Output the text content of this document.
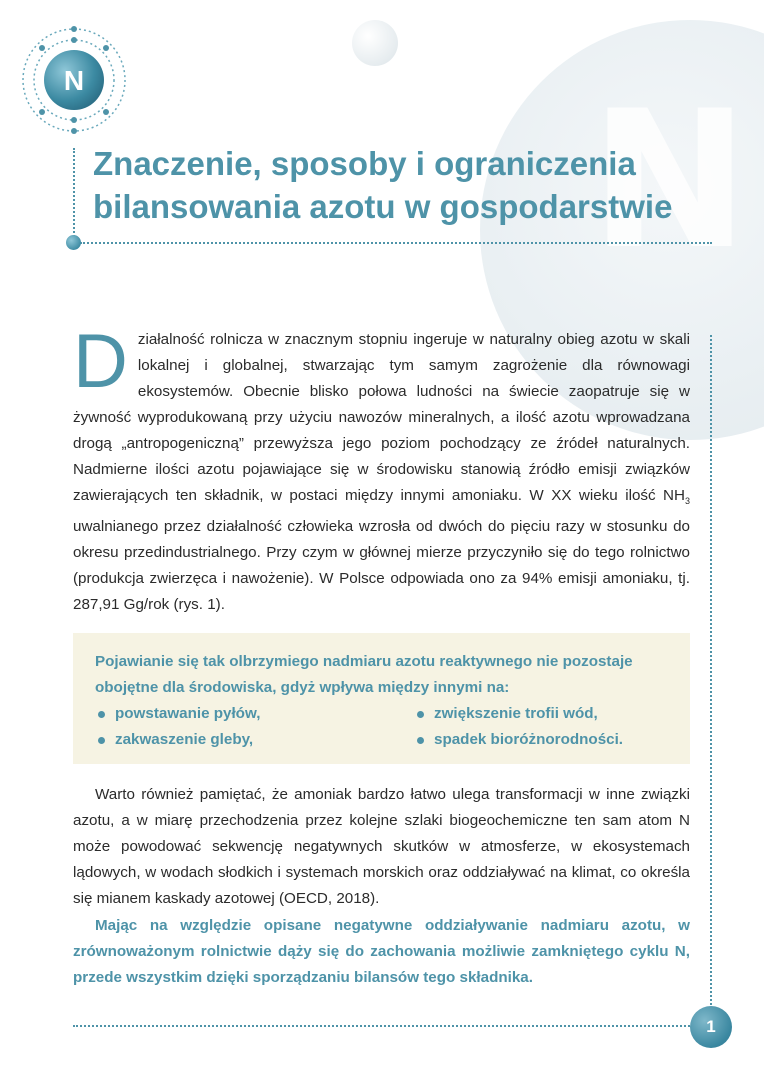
N
N
Znaczenie, sposoby i ograniczenia
bilansowania azotu w gospodarstwie
Działalność rolnicza w znacznym stopniu ingeruje w naturalny obieg azotu w skali lokalnej i globalnej, stwarzając tym samym zagrożenie dla równowagi ekosystemów. Obecnie blisko połowa ludności na świecie zaopatruje się w żywność wyprodukowaną przy użyciu nawozów mineralnych, a ilość azotu wprowadzana drogą „antropogeniczną” przewyższa jego poziom pochodzący ze źródeł naturalnych. Nadmierne ilości azotu pojawiające się w środowisku stanowią źródło emisji związków zawierających ten składnik, w postaci między innymi amoniaku. W XX wieku ilość $NH_3$ uwalnianego przez działalność człowieka wzrosła od dwóch do pięciu razy w stosunku do okresu przedindustrialnego. Przy czym w głównej mierze przyczyniło się do tego rolnictwo (produkcja zwierzęca i nawożenie). W Polsce odpowiada ono za 94% emisji amoniaku, tj. 287,91 Gg/rok (rys. 1).
Pojawianie się tak olbrzymiego nadmiaru azotu reaktywnego nie pozostaje obojętne dla środowiska, gdyż wpływa między innymi na:
powstawanie pyłów,
zakwaszenie gleby,
zwiększenie trofii wód,
spadek bioróżnorodności.
Warto również pamiętać, że amoniak bardzo łatwo ulega transformacji w inne związki azotu, a w miarę przechodzenia przez kolejne szlaki biogeochemiczne ten sam atom N może powodować sekwencję negatywnych skutków w atmosferze, w ekosystemach lądowych, w wodach słodkich i systemach morskich oraz oddziaływać na klimat, co określa się mianem kaskady azotowej (OECD, 2018).
Mając na względzie opisane negatywne oddziaływanie nadmiaru azotu, w zrównoważonym rolnictwie dąży się do zachowania możliwie zamkniętego cyklu N, przede wszystkim dzięki sporządzaniu bilansów tego składnika.
1
